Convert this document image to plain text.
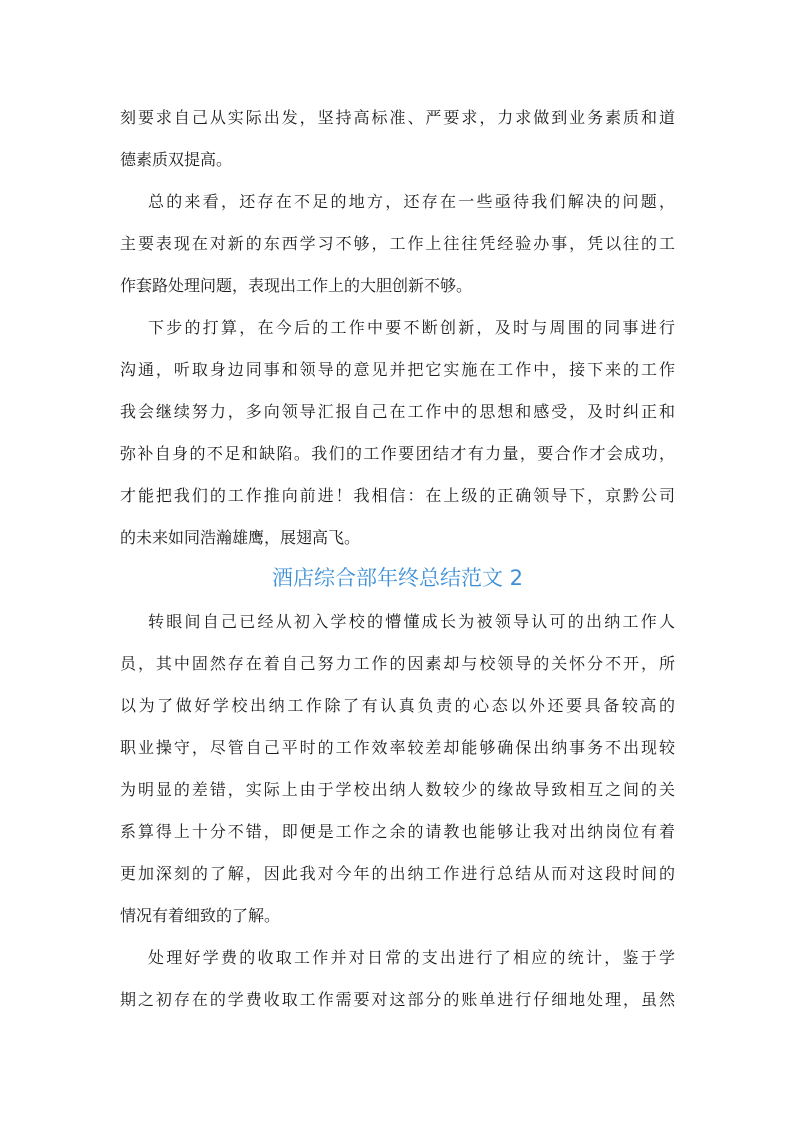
刻要求自己从实际出发，坚持高标准、严要求，力求做到业务素质和道
德素质双提高。
总的来看，还存在不足的地方，还存在一些亟待我们解决的问题，
主要表现在对新的东西学习不够，工作上往往凭经验办事，凭以往的工
作套路处理问题，表现出工作上的大胆创新不够。
下步的打算，在今后的工作中要不断创新，及时与周围的同事进行
沟通，听取身边同事和领导的意见并把它实施在工作中，接下来的工作
我会继续努力，多向领导汇报自己在工作中的思想和感受，及时纠正和
弥补自身的不足和缺陷。我们的工作要团结才有力量，要合作才会成功，
才能把我们的工作推向前进！我相信：在上级的正确领导下，京黔公司
的未来如同浩瀚雄鹰，展翅高飞。
酒店综合部年终总结范文 2
转眼间自己已经从初入学校的懵懂成长为被领导认可的出纳工作人
员，其中固然存在着自己努力工作的因素却与校领导的关怀分不开，所
以为了做好学校出纳工作除了有认真负责的心态以外还要具备较高的
职业操守，尽管自己平时的工作效率较差却能够确保出纳事务不出现较
为明显的差错，实际上由于学校出纳人数较少的缘故导致相互之间的关
系算得上十分不错，即便是工作之余的请教也能够让我对出纳岗位有着
更加深刻的了解，因此我对今年的出纳工作进行总结从而对这段时间的
情况有着细致的了解。
处理好学费的收取工作并对日常的支出进行了相应的统计，鉴于学
期之初存在的学费收取工作需要对这部分的账单进行仔细地处理，虽然
